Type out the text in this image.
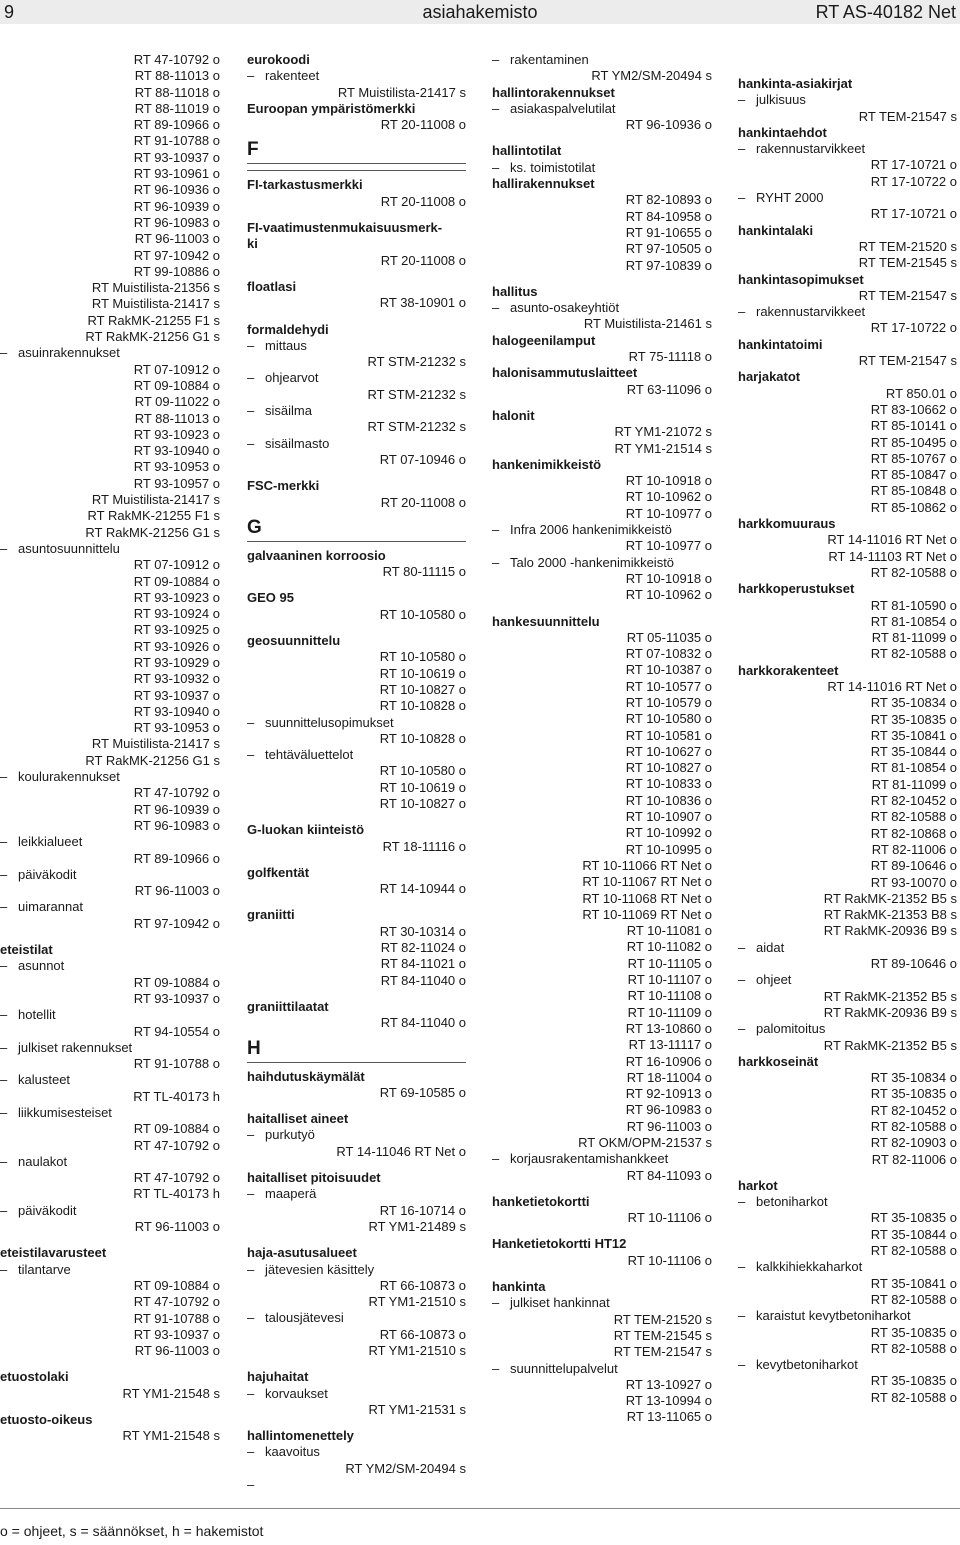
9	asiahakemisto	RT AS-40182 Net
RT 47-10792 o
RT 88-11013 o
RT 88-11018 o
RT 88-11019 o
RT 89-10966 o
RT 91-10788 o
RT 93-10937 o
RT 93-10961 o
RT 96-10936 o
RT 96-10939 o
RT 96-10983 o
RT 96-11003 o
RT 97-10942 o
RT 99-10886 o
RT Muistilista-21356 s
RT Muistilista-21417 s
RT RakMK-21255 F1 s
RT RakMK-21256 G1 s
– asuinrakennukset
RT 07-10912 o
RT 09-10884 o
RT 09-11022 o
RT 88-11013 o
RT 93-10923 o
RT 93-10940 o
RT 93-10953 o
RT 93-10957 o
RT Muistilista-21417 s
RT RakMK-21255 F1 s
RT RakMK-21256 G1 s
– asuntosuunnittelu
RT 07-10912 o
RT 09-10884 o
RT 93-10923 o
RT 93-10924 o
RT 93-10925 o
RT 93-10926 o
RT 93-10929 o
RT 93-10932 o
RT 93-10937 o
RT 93-10940 o
RT 93-10953 o
RT Muistilista-21417 s
RT RakMK-21256 G1 s
– koulurakennukset
RT 47-10792 o
RT 96-10939 o
RT 96-10983 o
– leikkialueet
RT 89-10966 o
– päiväkodit
RT 96-11003 o
– uimarannat
RT 97-10942 o
eteistilat
– asunnot
RT 09-10884 o
RT 93-10937 o
– hotellit
RT 94-10554 o
– julkiset rakennukset
RT 91-10788 o
– kalusteet
RT TL-40173 h
– liikkumisesteiset
RT 09-10884 o
RT 47-10792 o
– naulakot
RT 47-10792 o
RT TL-40173 h
– päiväkodit
RT 96-11003 o
eteistilavarusteet
– tilantarve
RT 09-10884 o
RT 47-10792 o
RT 91-10788 o
RT 93-10937 o
RT 96-11003 o
etuostolaki
RT YM1-21548 s
etuosto-oikeus
RT YM1-21548 s
eurokoodi
– rakenteet
RT Muistilista-21417 s
Euroopan ympäristömerkki
RT 20-11008 o
F
FI-tarkastusmerkki
RT 20-11008 o
FI-vaatimustenmukaisuusmerk-
ki
RT 20-11008 o
floatlasi
RT 38-10901 o
formaldehydi
– mittaus
RT STM-21232 s
– ohjearvot
RT STM-21232 s
– sisäilma
RT STM-21232 s
– sisäilmasto
RT 07-10946 o
FSC-merkki
RT 20-11008 o
G
galvaaninen korroosio
RT 80-11115 o
GEO 95
RT 10-10580 o
geosuunnittelu
RT 10-10580 o
RT 10-10619 o
RT 10-10827 o
RT 10-10828 o
– suunnittelusopimukset
RT 10-10828 o
– tehtäväluettelot
RT 10-10580 o
RT 10-10619 o
RT 10-10827 o
G-luokan kiinteistö
RT 18-11116 o
golfkentät
RT 14-10944 o
graniitti
RT 30-10314 o
RT 82-11024 o
RT 84-11021 o
RT 84-11040 o
graniittilaatat
RT 84-11040 o
H
haihdutuskäymälät
RT 69-10585 o
haitalliset aineet
– purkutyö
RT 14-11046 RT Net o
haitalliset pitoisuudet
– maaperä
RT 16-10714 o
RT YM1-21489 s
haja-asutusalueet
– jätevesien käsittely
RT 66-10873 o
RT YM1-21510 s
– talousjätevesi
RT 66-10873 o
RT YM1-21510 s
hajuhaitat
– korvaukset
RT YM1-21531 s
hallintomenettely
– kaavoitus
RT YM2/SM-20494 s
–
– rakentaminen
RT YM2/SM-20494 s
hallintorakennukset
– asiakaspalvelutilat
RT 96-10936 o
hallintotilat
– ks. toimistotilat
hallirakennukset
RT 82-10893 o
RT 84-10958 o
RT 91-10655 o
RT 97-10505 o
RT 97-10839 o
hallitus
– asunto-osakeyhtiöt
RT Muistilista-21461 s
halogeenilamput
RT 75-11118 o
halonisammutuslaitteet
RT 63-11096 o
halonit
RT YM1-21072 s
RT YM1-21514 s
hankenimikkeistö
RT 10-10918 o
RT 10-10962 o
RT 10-10977 o
– Infra 2006 hankenimikkeistö
RT 10-10977 o
– Talo 2000 -hankenimikkeistö
RT 10-10918 o
RT 10-10962 o
hankesuunnittelu
RT 05-11035 o
RT 07-10832 o
RT 10-10387 o
RT 10-10577 o
RT 10-10579 o
RT 10-10580 o
RT 10-10581 o
RT 10-10627 o
RT 10-10827 o
RT 10-10833 o
RT 10-10836 o
RT 10-10907 o
RT 10-10992 o
RT 10-10995 o
RT 10-11066 RT Net o
RT 10-11067 RT Net o
RT 10-11068 RT Net o
RT 10-11069 RT Net o
RT 10-11081 o
RT 10-11082 o
RT 10-11105 o
RT 10-11107 o
RT 10-11108 o
RT 10-11109 o
RT 13-10860 o
RT 13-11117 o
RT 16-10906 o
RT 18-11004 o
RT 92-10913 o
RT 96-10983 o
RT 96-11003 o
RT OKM/OPM-21537 s
– korjausrakentamishankkeet
RT 84-11093 o
hanketietokortti
RT 10-11106 o
Hanketietokortti HT12
RT 10-11106 o
hankinta
– julkiset hankinnat
RT TEM-21520 s
RT TEM-21545 s
RT TEM-21547 s
– suunnittelupalvelut
RT 13-10927 o
RT 13-10994 o
RT 13-11065 o
hankinta-asiakirjat
– julkisuus
RT TEM-21547 s
hankintaehdot
– rakennustarvikkeet
RT 17-10721 o
RT 17-10722 o
– RYHT 2000
RT 17-10721 o
hankintalaki
RT TEM-21520 s
RT TEM-21545 s
hankintasopimukset
RT TEM-21547 s
– rakennustarvikkeet
RT 17-10722 o
hankintatoimi
RT TEM-21547 s
harjakatot
RT 850.01 o
RT 83-10662 o
RT 85-10141 o
RT 85-10495 o
RT 85-10767 o
RT 85-10847 o
RT 85-10848 o
RT 85-10862 o
harkkomuuraus
RT 14-11016 RT Net o
RT 14-11103 RT Net o
RT 82-10588 o
harkkoperustukset
RT 81-10590 o
RT 81-10854 o
RT 81-11099 o
RT 82-10588 o
harkkorakenteet
RT 14-11016 RT Net o
RT 35-10834 o
RT 35-10835 o
RT 35-10841 o
RT 35-10844 o
RT 81-10854 o
RT 81-11099 o
RT 82-10452 o
RT 82-10588 o
RT 82-10868 o
RT 82-11006 o
RT 89-10646 o
RT 93-10070 o
RT RakMK-21352 B5 s
RT RakMK-21353 B8 s
RT RakMK-20936 B9 s
– aidat
RT 89-10646 o
– ohjeet
RT RakMK-21352 B5 s
RT RakMK-20936 B9 s
– palomitoitus
RT RakMK-21352 B5 s
harkkoseinät
RT 35-10834 o
RT 35-10835 o
RT 82-10452 o
RT 82-10588 o
RT 82-10903 o
RT 82-11006 o
harkot
– betoniharkot
RT 35-10835 o
RT 35-10844 o
RT 82-10588 o
– kalkkihiekkaharkot
RT 35-10841 o
RT 82-10588 o
– karaistut kevytbetoniharkot
RT 35-10835 o
RT 82-10588 o
– kevytbetoniharkot
RT 35-10835 o
RT 82-10588 o
o = ohjeet, s = säännökset, h = hakemistot
